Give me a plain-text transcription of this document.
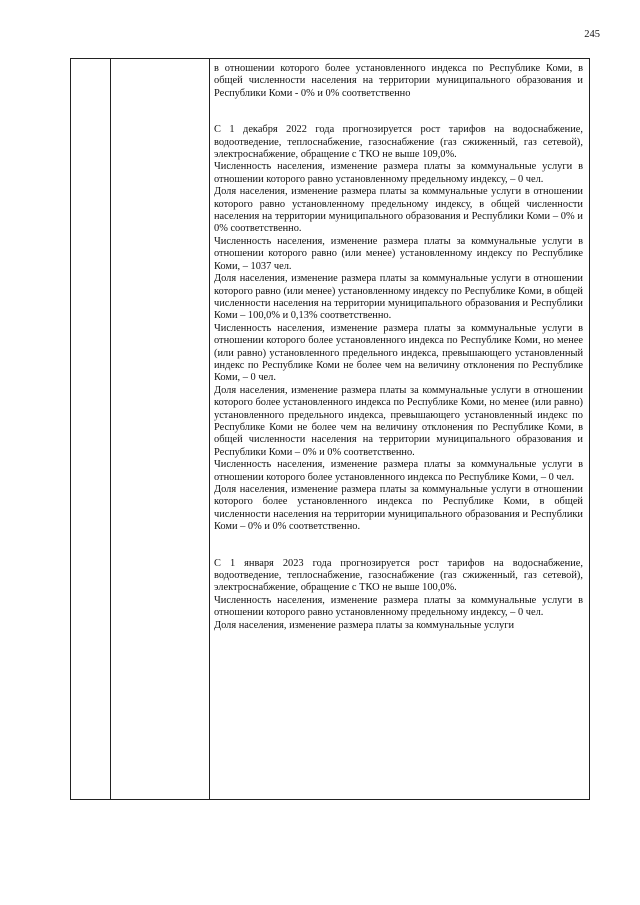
245

в отношении которого более установленного индекса по Республике Коми, в общей численности населения на территории муниципального образования и Республики Коми - 0% и 0% соответственно

С 1 декабря 2022 года прогнозируется рост тарифов на водоснабжение, водоотведение, теплоснабжение, газоснабжение (газ сжиженный, газ сетевой), электроснабжение, обращение с ТКО не выше 109,0%.

Численность населения, изменение размера платы за коммунальные услуги в отношении которого равно установленному предельному индексу, – 0 чел.

Доля населения, изменение размера платы за коммунальные услуги в отношении которого равно установленному предельному индексу, в общей численности населения на территории муниципального образования и Республики Коми – 0% и 0% соответственно.

Численность населения, изменение размера платы за коммунальные услуги в отношении которого равно (или менее) установленному индексу по Республике Коми, – 1037 чел.

Доля населения, изменение размера платы за коммунальные услуги в отношении которого равно (или менее) установленному индексу по Республике Коми, в общей численности населения на территории муниципального образования и Республики Коми – 100,0% и 0,13% соответственно.

Численность населения, изменение размера платы за коммунальные услуги в отношении которого более установленного индекса по Республике Коми, но менее (или равно) установленного предельного индекса, превышающего установленный индекс по Республике Коми не более чем на величину отклонения по Республике Коми, – 0 чел.

Доля населения, изменение размера платы за коммунальные услуги в отношении которого более установленного индекса по Республике Коми, но менее (или равно) установленного предельного индекса, превышающего установленный индекс по Республике Коми не более чем на величину отклонения по Республике Коми, в общей численности населения на территории муниципального образования и Республики Коми – 0% и 0% соответственно.

Численность населения, изменение размера платы за коммунальные услуги в отношении которого более установленного индекса по Республике Коми, – 0 чел.

Доля населения, изменение размера платы за коммунальные услуги в отношении которого более установленного индекса по Республике Коми, в общей численности населения на территории муниципального образования и Республики Коми – 0% и 0% соответственно.

С 1 января 2023 года прогнозируется рост тарифов на водоснабжение, водоотведение, теплоснабжение, газоснабжение (газ сжиженный, газ сетевой), электроснабжение, обращение с ТКО не выше 100,0%.

Численность населения, изменение размера платы за коммунальные услуги в отношении которого равно установленному предельному индексу, – 0 чел.

Доля населения, изменение размера платы за коммунальные услуги
